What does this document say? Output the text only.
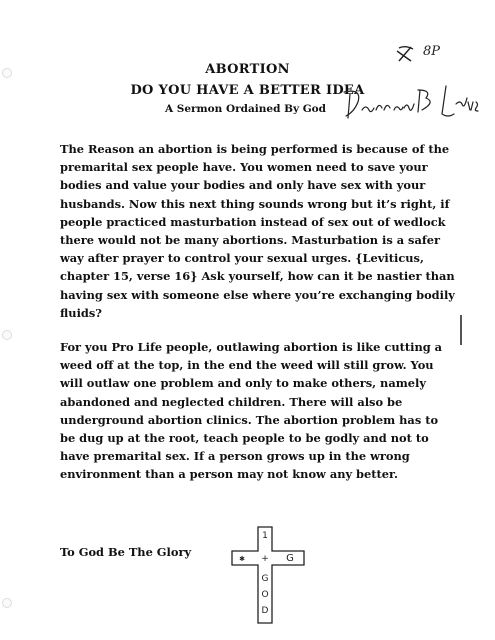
8P
ABORTION
DO YOU HAVE A BETTER IDEA
A Sermon Ordained By God

The Reason an abortion is being performed is because of the premarital sex people have. You women need to save your bodies and value your bodies and only have sex with your husbands. Now this next thing sounds wrong but it’s right, if people practiced masturbation instead of sex out of wedlock there would not be many abortions. Masturbation is a safer way after prayer to control your sexual urges. {Leviticus, chapter 15, verse 16} Ask yourself, how can it be nastier than having sex with someone else where you’re exchanging bodily fluids?

For you Pro Life people, outlawing abortion is like cutting a weed off at the top, in the end the weed will still grow. You will outlaw one problem and only to make others, namely abandoned and neglected children. There will also be underground abortion clinics. The abortion problem has to be dug up at the root, teach people to be godly and not to have premarital sex. If a person grows up in the wrong environment than a person may not know any better.

To God Be The Glory
1
+
G
O
D
G
✱
